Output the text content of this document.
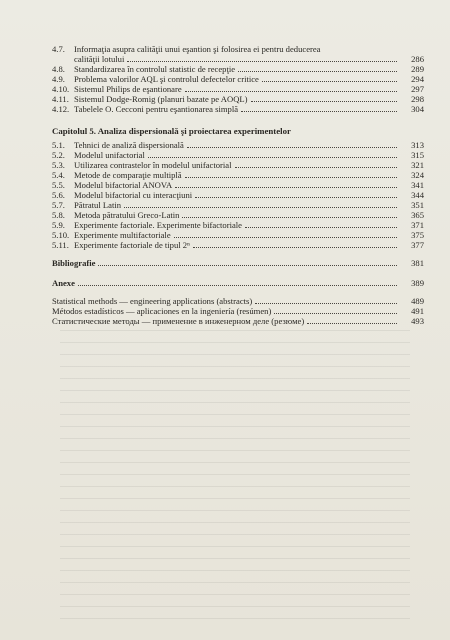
4.7.	Informaţia asupra calităţii unui eşantion şi folosirea ei pentru deducerea
calităţii lotului	286
4.8.	Standardizarea în controlul statistic de recepţie	289
4.9.	Problema valorilor AQL şi controlul defectelor critice	294
4.10. Sistemul Philips de eşantionare	297
4.11. Sistemul Dodge-Romig (planuri bazate pe AOQL)	298
4.12. Tabelele O. Cecconi pentru eşantionarea simplă	304
Capitolul 5. Analiza dispersională şi proiectarea experimentelor
5.1.	Tehnici de analiză dispersională	313
5.2.	Modelul unifactorial	315
5.3.	Utilizarea contrastelor în modelul unifactorial	321
5.4.	Metode de comparaţie multiplă	324
5.5.	Modelul bifactorial ANOVA	341
5.6.	Modelul bifactorial cu interacţiuni	344
5.7.	Pătratul Latin	351
5.8.	Metoda pătratului Greco-Latin	365
5.9.	Experimente factoriale. Experimente bifactoriale	371
5.10. Experimente multifactoriale	375
5.11. Experimente factoriale de tipul 2ⁿ	377
Bibliografie	381
Anexe	389
Statistical methods — engineering applications (abstracts)	489
Métodos estadísticos — aplicaciones en la ingeniería (resúmen)	491
Статистические методы — применение в инженерном деле (резюме)	493
